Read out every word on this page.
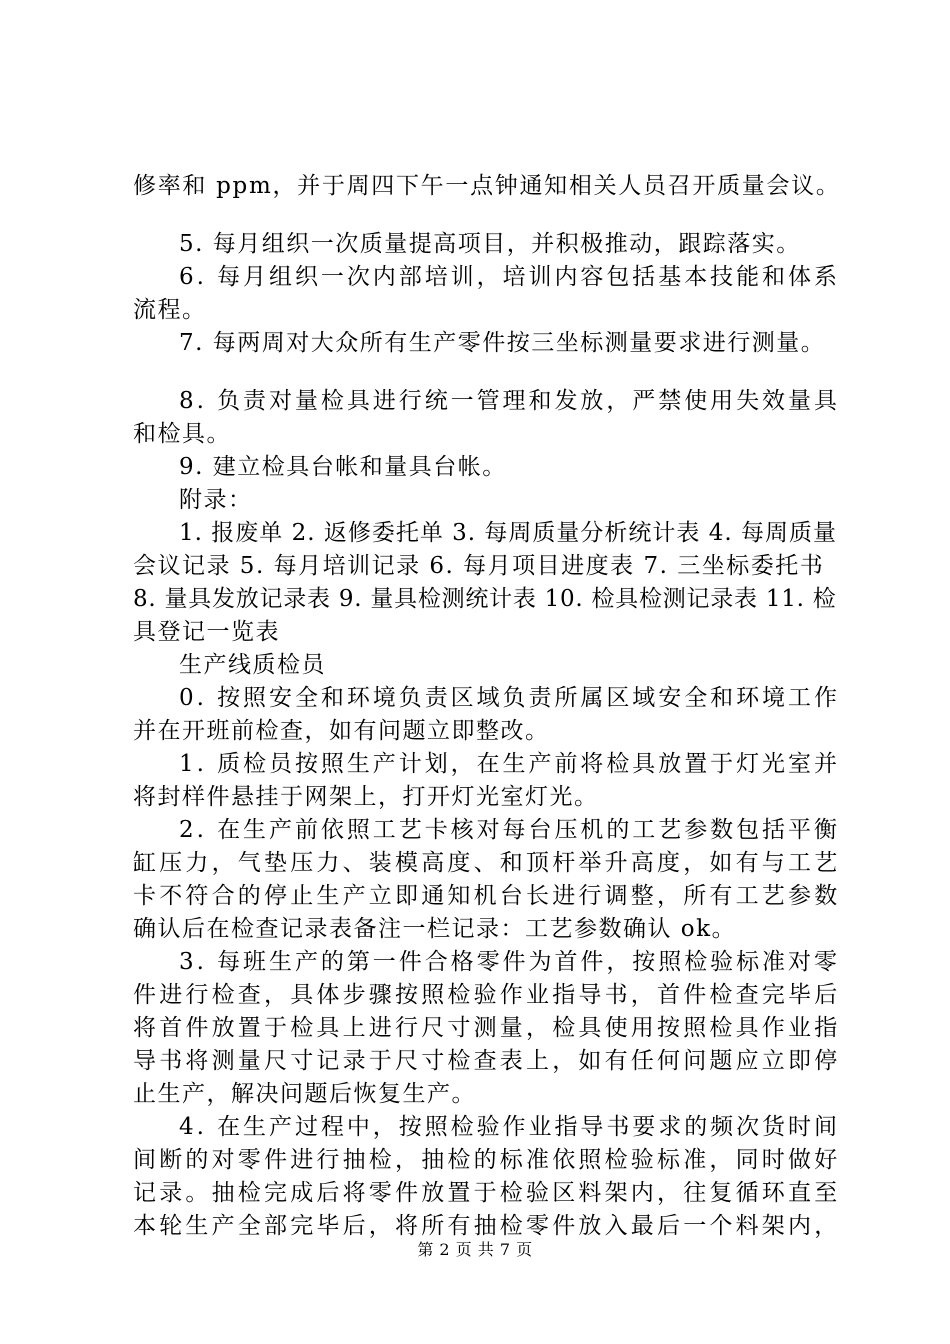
修率和 ppm，并于周四下午一点钟通知相关人员召开质量会议。
5. 每月组织一次质量提高项目，并积极推动，跟踪落实。
6. 每月组织一次内部培训，培训内容包括基本技能和体系
流程。
7. 每两周对大众所有生产零件按三坐标测量要求进行测量。
8. 负责对量检具进行统一管理和发放，严禁使用失效量具
和检具。
9. 建立检具台帐和量具台帐。
附录：
1. 报废单 2. 返修委托单 3. 每周质量分析统计表 4. 每周质量
会议记录 5. 每月培训记录 6. 每月项目进度表 7. 三坐标委托书
8. 量具发放记录表 9. 量具检测统计表 10. 检具检测记录表 11. 检
具登记一览表
生产线质检员
0. 按照安全和环境负责区域负责所属区域安全和环境工作
并在开班前检查，如有问题立即整改。
1. 质检员按照生产计划，在生产前将检具放置于灯光室并
将封样件悬挂于网架上，打开灯光室灯光。
2. 在生产前依照工艺卡核对每台压机的工艺参数包括平衡
缸压力，气垫压力、装模高度、和顶杆举升高度，如有与工艺
卡不符合的停止生产立即通知机台长进行调整，所有工艺参数
确认后在检查记录表备注一栏记录：工艺参数确认 ok。
3. 每班生产的第一件合格零件为首件，按照检验标准对零
件进行检查，具体步骤按照检验作业指导书，首件检查完毕后
将首件放置于检具上进行尺寸测量，检具使用按照检具作业指
导书将测量尺寸记录于尺寸检查表上，如有任何问题应立即停
止生产，解决问题后恢复生产。
4. 在生产过程中，按照检验作业指导书要求的频次货时间
间断的对零件进行抽检，抽检的标准依照检验标准，同时做好
记录。抽检完成后将零件放置于检验区料架内，往复循环直至
本轮生产全部完毕后，将所有抽检零件放入最后一个料架内，
第 2 页 共 7 页
